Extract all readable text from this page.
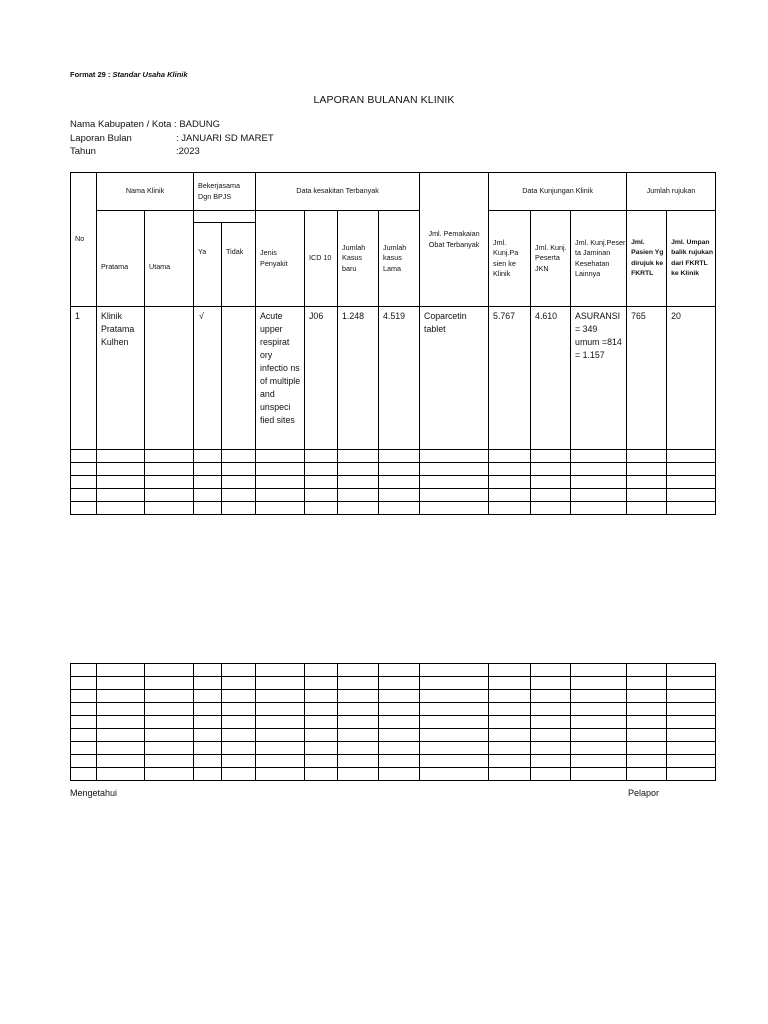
Format 29 : Standar Usaha Klinik
LAPORAN BULANAN KLINIK
Nama Kabupaten / Kota : BADUNG
Laporan Bulan	: JANUARI SD MARET
Tahun	:2023
No	Nama Klinik		Bekerjasama Dgn BPJS		Data kesakitan Terbanyak				Jml. Pemakaian Obat Terbanyak	Data Kunjungan Klinik			Jumlah rujukan	
	Pratama	Utama			Jenis Penyakit	ICD 10	Jumlah Kasus baru	Jumlah kasus Lama		Jml. Kunj.Pa sien ke Klinik	Jml. Kunj. Peserta JKN	Jml. Kunj.Peser ta Jaminan Kesehatan Lainnya	Jml. Pasien Yg dirujuk ke FKRTL	Jml. Umpan balik rujukan dari FKRTL ke Klinik
			Ya	Tidak										
1	Klinik Pratama Kulhen		√		Acute upper respirat ory infectio ns of multiple and unspeci fied sites	J06	1.248	4.519	Coparcetin tablet	5.767	4.610	ASURANSI = 349 umum =814 = 1.157	765	20

Mengetahui	Pelapor
